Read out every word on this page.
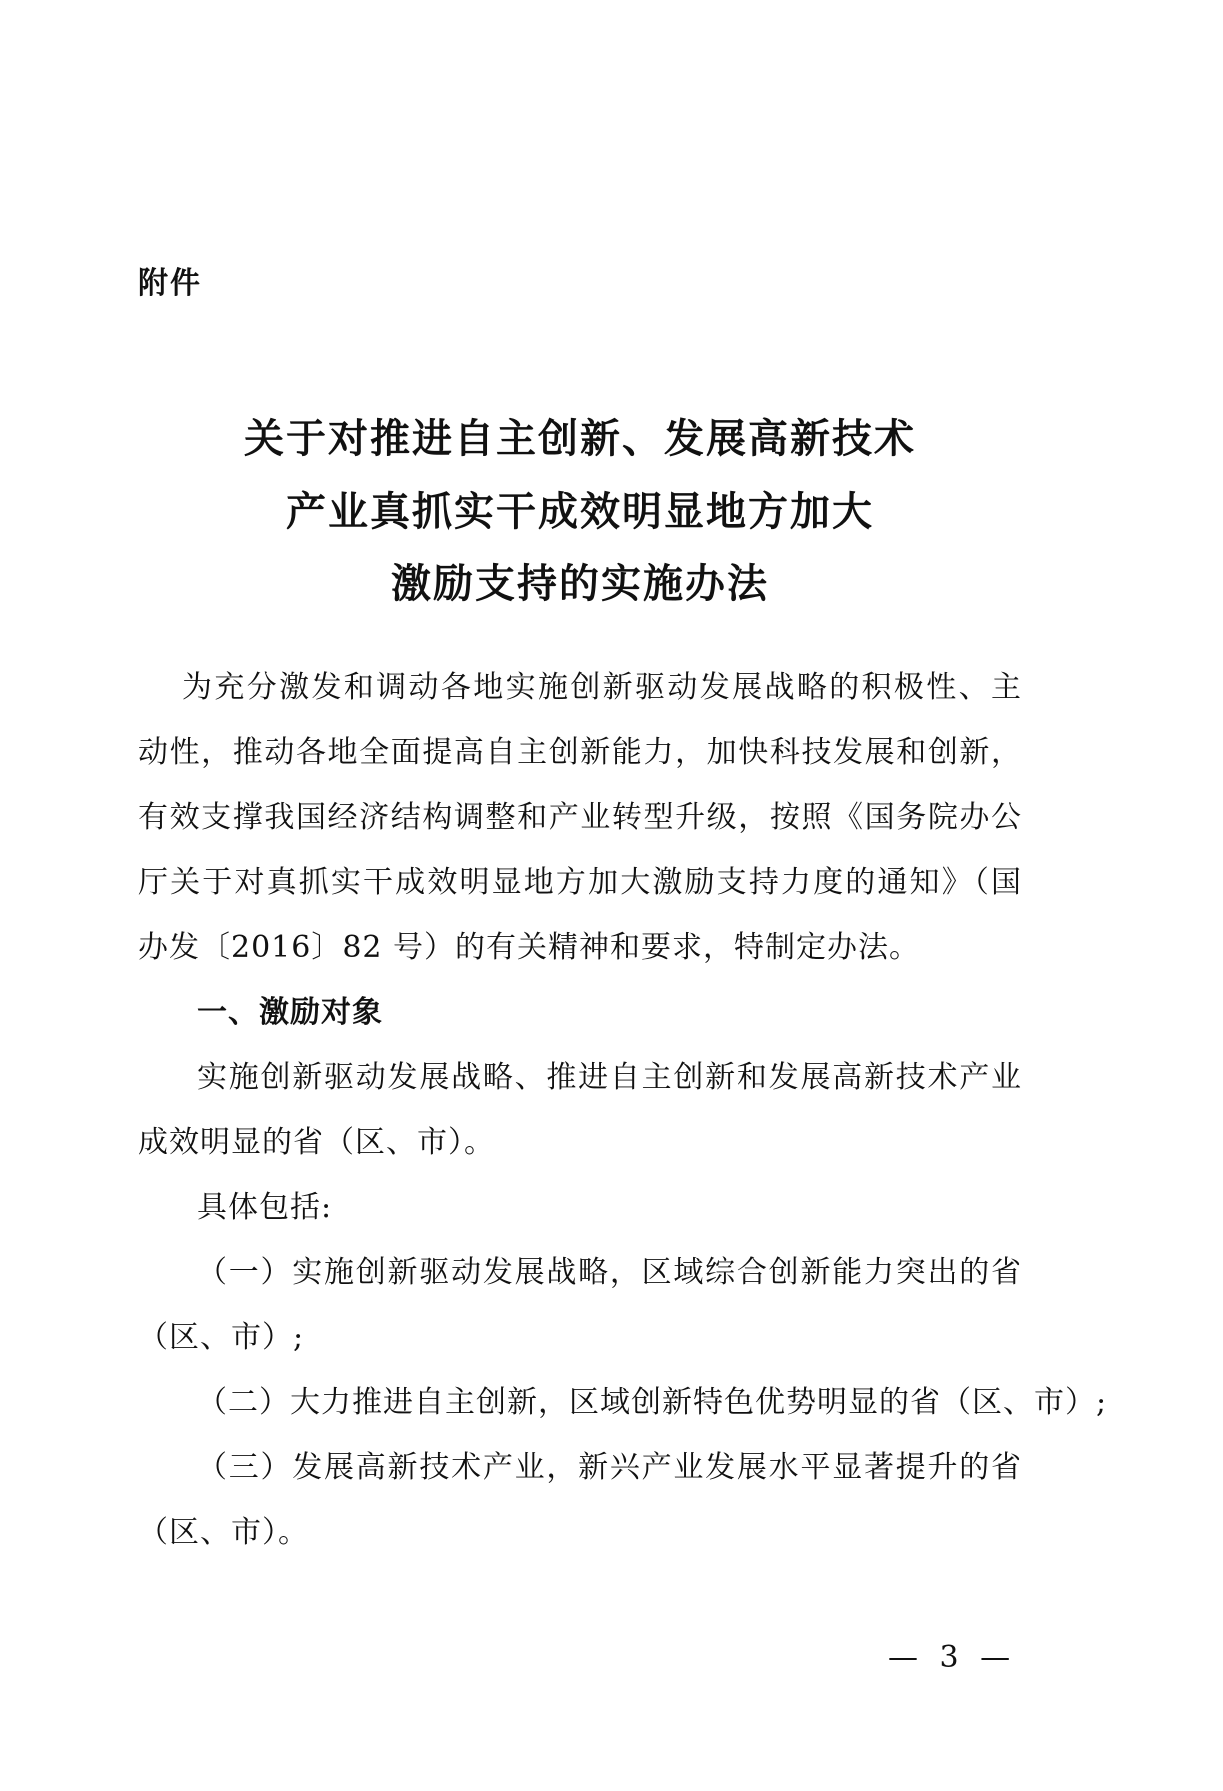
附件
关于对推进自主创新、发展高新技术
产业真抓实干成效明显地方加大
激励支持的实施办法
为充分激发和调动各地实施创新驱动发展战略的积极性、主
动性，推动各地全面提高自主创新能力，加快科技发展和创新，
有效支撑我国经济结构调整和产业转型升级，按照《国务院办公
厅关于对真抓实干成效明显地方加大激励支持力度的通知》（国
办发〔2016〕82 号）的有关精神和要求，特制定办法。
一、激励对象
实施创新驱动发展战略、推进自主创新和发展高新技术产业
成效明显的省（区、市）。
具体包括:
（一）实施创新驱动发展战略，区域综合创新能力突出的省
（区、市）;
（二）大力推进自主创新，区域创新特色优势明显的省（区、市）;
（三）发展高新技术产业，新兴产业发展水平显著提升的省
（区、市）。
— 3 —
